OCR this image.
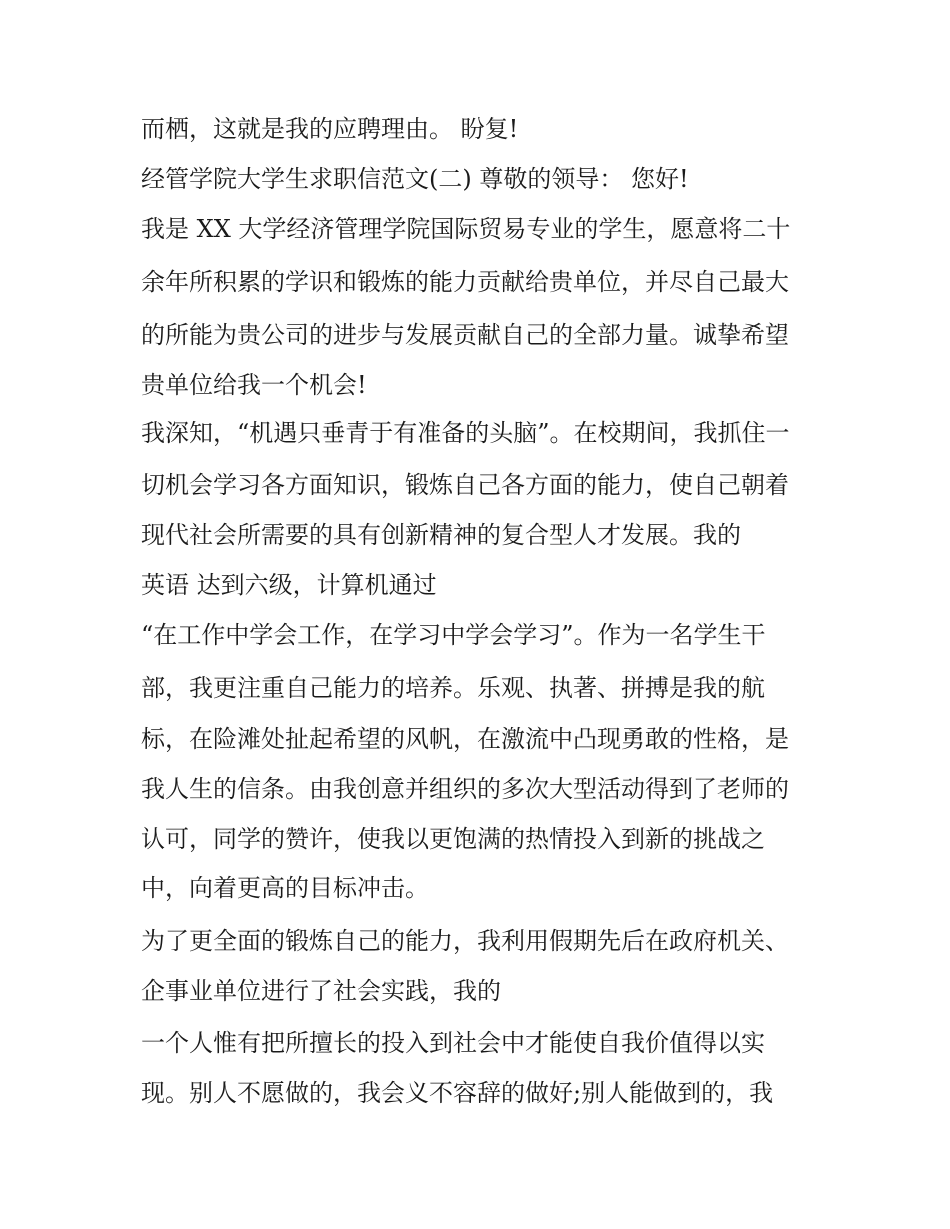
而栖，这就是我的应聘理由。 盼复!
经管学院大学生求职信范文(二) 尊敬的领导： 您好!
我是 XX 大学经济管理学院国际贸易专业的学生，愿意将二十
余年所积累的学识和锻炼的能力贡献给贵单位，并尽自己最大
的所能为贵公司的进步与发展贡献自己的全部力量。诚挚希望
贵单位给我一个机会!
我深知，“机遇只垂青于有准备的头脑”。在校期间，我抓住一
切机会学习各方面知识，锻炼自己各方面的能力，使自己朝着
现代社会所需要的具有创新精神的复合型人才发展。我的
英语 达到六级，计算机通过
“在工作中学会工作，在学习中学会学习”。作为一名学生干
部，我更注重自己能力的培养。乐观、执著、拼搏是我的航
标，在险滩处扯起希望的风帆，在激流中凸现勇敢的性格，是
我人生的信条。由我创意并组织的多次大型活动得到了老师的
认可，同学的赞许，使我以更饱满的热情投入到新的挑战之
中，向着更高的目标冲击。
为了更全面的锻炼自己的能力，我利用假期先后在政府机关、
企事业单位进行了社会实践，我的
一个人惟有把所擅长的投入到社会中才能使自我价值得以实
现。别人不愿做的，我会义不容辞的做好;别人能做到的，我
